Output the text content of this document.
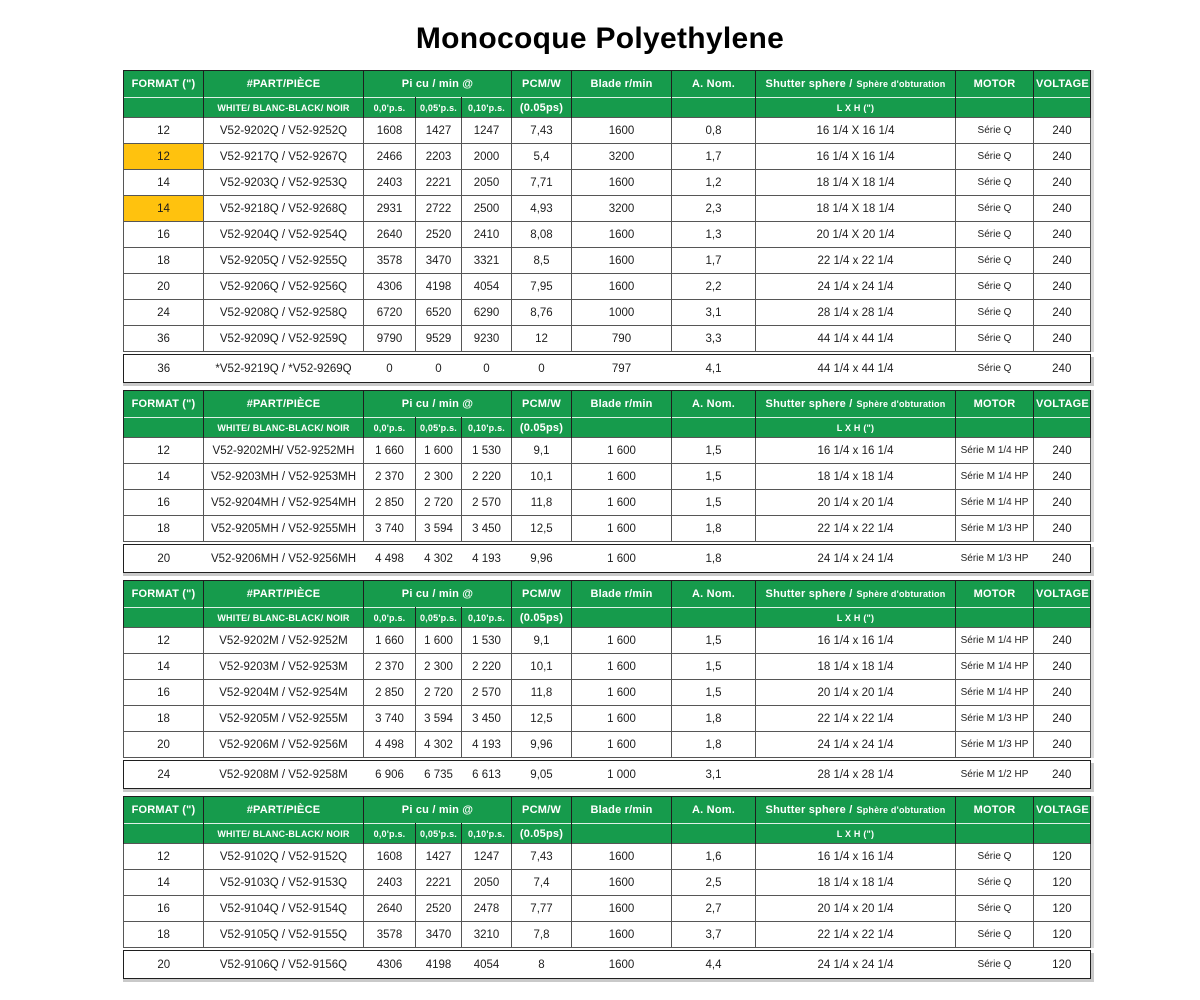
Monocoque Polyethylene
FORMAT (")	#PART/PIÈCE	Pi cu / min @			PCM/W	Blade r/min	A. Nom.	Shutter sphere / Sphère d'obturation	MOTOR	VOLTAGE
	WHITE/ BLANC-BLACK/ NOIR	0,0'p.s.	0,05'p.s.	0,10'p.s.	(0.05ps)			L X H (")		
12	V52-9202Q / V52-9252Q	1608	1427	1247	7,43	1600	0,8	16 1/4 X 16 1/4	Série Q	240
12	V52-9217Q / V52-9267Q	2466	2203	2000	5,4	3200	1,7	16 1/4 X 16 1/4	Série Q	240
14	V52-9203Q / V52-9253Q	2403	2221	2050	7,71	1600	1,2	18 1/4 X 18 1/4	Série Q	240
14	V52-9218Q / V52-9268Q	2931	2722	2500	4,93	3200	2,3	18 1/4 X 18 1/4	Série Q	240
16	V52-9204Q / V52-9254Q	2640	2520	2410	8,08	1600	1,3	20 1/4 X 20 1/4	Série Q	240
18	V52-9205Q / V52-9255Q	3578	3470	3321	8,5	1600	1,7	22 1/4 x 22 1/4	Série Q	240
20	V52-9206Q / V52-9256Q	4306	4198	4054	7,95	1600	2,2	24 1/4 x 24 1/4	Série Q	240
24	V52-9208Q / V52-9258Q	6720	6520	6290	8,76	1000	3,1	28 1/4 x 28 1/4	Série Q	240
36	V52-9209Q / V52-9259Q	9790	9529	9230	12	790	3,3	44 1/4 x 44 1/4	Série Q	240
36	*V52-9219Q / *V52-9269Q	0	0	0	0	797	4,1	44 1/4 x 44 1/4	Série Q	240
FORMAT (")	#PART/PIÈCE	Pi cu / min @			PCM/W	Blade r/min	A. Nom.	Shutter sphere / Sphère d'obturation	MOTOR	VOLTAGE
	WHITE/ BLANC-BLACK/ NOIR	0,0'p.s.	0,05'p.s.	0,10'p.s.	(0.05ps)			L X H (")		
12	V52-9202MH/ V52-9252MH	1 660	1 600	1 530	9,1	1 600	1,5	16 1/4 x 16 1/4	Série M 1/4 HP	240
14	V52-9203MH / V52-9253MH	2 370	2 300	2 220	10,1	1 600	1,5	18 1/4 x 18 1/4	Série M 1/4 HP	240
16	V52-9204MH / V52-9254MH	2 850	2 720	2 570	11,8	1 600	1,5	20 1/4 x 20 1/4	Série M 1/4 HP	240
18	V52-9205MH / V52-9255MH	3 740	3 594	3 450	12,5	1 600	1,8	22 1/4 x 22 1/4	Série M 1/3 HP	240
20	V52-9206MH / V52-9256MH	4 498	4 302	4 193	9,96	1 600	1,8	24 1/4 x 24 1/4	Série M 1/3 HP	240
FORMAT (")	#PART/PIÈCE	Pi cu / min @			PCM/W	Blade r/min	A. Nom.	Shutter sphere / Sphère d'obturation	MOTOR	VOLTAGE
	WHITE/ BLANC-BLACK/ NOIR	0,0'p.s.	0,05'p.s.	0,10'p.s.	(0.05ps)			L X H (")		
12	V52-9202M / V52-9252M	1 660	1 600	1 530	9,1	1 600	1,5	16 1/4 x 16 1/4	Série M 1/4 HP	240
14	V52-9203M / V52-9253M	2 370	2 300	2 220	10,1	1 600	1,5	18 1/4 x 18 1/4	Série M 1/4 HP	240
16	V52-9204M / V52-9254M	2 850	2 720	2 570	11,8	1 600	1,5	20 1/4 x 20 1/4	Série M 1/4 HP	240
18	V52-9205M / V52-9255M	3 740	3 594	3 450	12,5	1 600	1,8	22 1/4 x 22 1/4	Série M 1/3 HP	240
20	V52-9206M / V52-9256M	4 498	4 302	4 193	9,96	1 600	1,8	24 1/4 x 24 1/4	Série M 1/3 HP	240
24	V52-9208M / V52-9258M	6 906	6 735	6 613	9,05	1 000	3,1	28 1/4 x 28 1/4	Série M 1/2 HP	240
FORMAT (")	#PART/PIÈCE	Pi cu / min @			PCM/W	Blade r/min	A. Nom.	Shutter sphere / Sphère d'obturation	MOTOR	VOLTAGE
	WHITE/ BLANC-BLACK/ NOIR	0,0'p.s.	0,05'p.s.	0,10'p.s.	(0.05ps)			L X H (")		
12	V52-9102Q / V52-9152Q	1608	1427	1247	7,43	1600	1,6	16 1/4 x 16 1/4	Série Q	120
14	V52-9103Q / V52-9153Q	2403	2221	2050	7,4	1600	2,5	18 1/4 x 18 1/4	Série Q	120
16	V52-9104Q / V52-9154Q	2640	2520	2478	7,77	1600	2,7	20 1/4 x 20 1/4	Série Q	120
18	V52-9105Q / V52-9155Q	3578	3470	3210	7,8	1600	3,7	22 1/4 x 22 1/4	Série Q	120
20	V52-9106Q / V52-9156Q	4306	4198	4054	8	1600	4,4	24 1/4 x 24 1/4	Série Q	120
